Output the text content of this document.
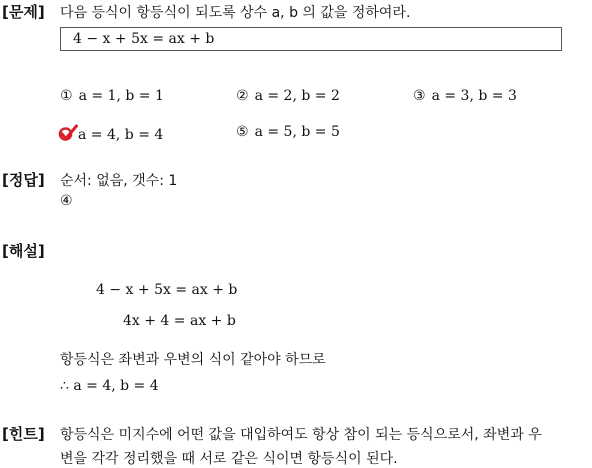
[문제] 다음 등식이 항등식이 되도록 상수 a, b 의 값을 정하여라.
4 − x + 5x = ax + b
① a = 1, b = 1	② a = 2, b = 2	③ a = 3, b = 3
a = 4, b = 4	⑤ a = 5, b = 5
[정답] 순서: 없음, 갯수: 1
④
[해설]
4 − x + 5x = ax + b
4x + 4 = ax + b
항등식은 좌변과 우변의 식이 같아야 하므로
∴ a = 4, b = 4
[힌트] 항등식은 미지수에 어떤 값을 대입하여도 항상 참이 되는 등식으로서, 좌변과 우
변을 각각 정리했을 때 서로 같은 식이면 항등식이 된다.
